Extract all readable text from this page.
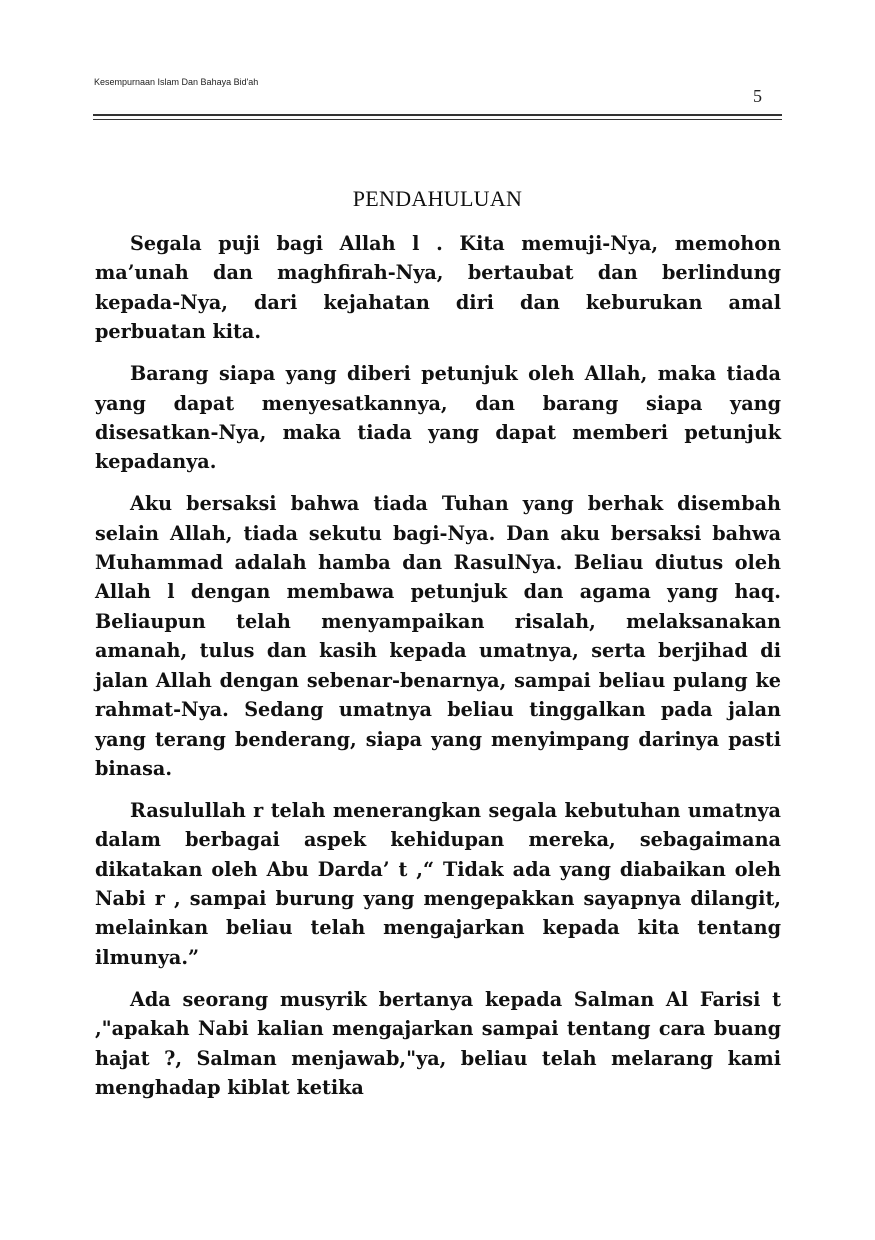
Kesempurnaan Islam Dan Bahaya Bid'ah
5
PENDAHULUAN

Segala puji bagi Allah l . Kita memuji-Nya, memohon ma’unah dan maghfirah-Nya, bertaubat dan berlindung kepada-Nya, dari kejahatan diri dan keburukan amal perbuatan kita.

Barang siapa yang diberi petunjuk oleh Allah, maka tiada yang dapat menyesatkannya, dan barang siapa yang disesatkan-Nya, maka tiada yang dapat memberi petunjuk kepadanya.

Aku bersaksi bahwa tiada Tuhan yang berhak disembah selain Allah, tiada sekutu bagi-Nya. Dan aku bersaksi bahwa Muhammad adalah hamba dan RasulNya. Beliau diutus oleh Allah l dengan membawa petunjuk dan agama yang haq. Beliaupun telah menyampaikan risalah, melaksanakan amanah, tulus dan kasih kepada umatnya, serta berjihad di jalan Allah dengan sebenar-benarnya, sampai beliau pulang ke rahmat-Nya. Sedang umatnya beliau tinggalkan pada jalan yang terang benderang, siapa yang menyimpang darinya pasti binasa.

Rasulullah r telah menerangkan segala kebutuhan umatnya dalam berbagai aspek kehidupan mereka, sebagaimana dikatakan oleh Abu Darda’ t ,“ Tidak ada yang diabaikan oleh Nabi r , sampai burung yang mengepakkan sayapnya dilangit, melainkan beliau telah mengajarkan kepada kita tentang ilmunya.”

Ada seorang musyrik bertanya kepada Salman Al Farisi t ,"apakah Nabi kalian mengajarkan sampai tentang cara buang hajat ?, Salman menjawab,"ya, beliau telah melarang kami menghadap kiblat ketika
